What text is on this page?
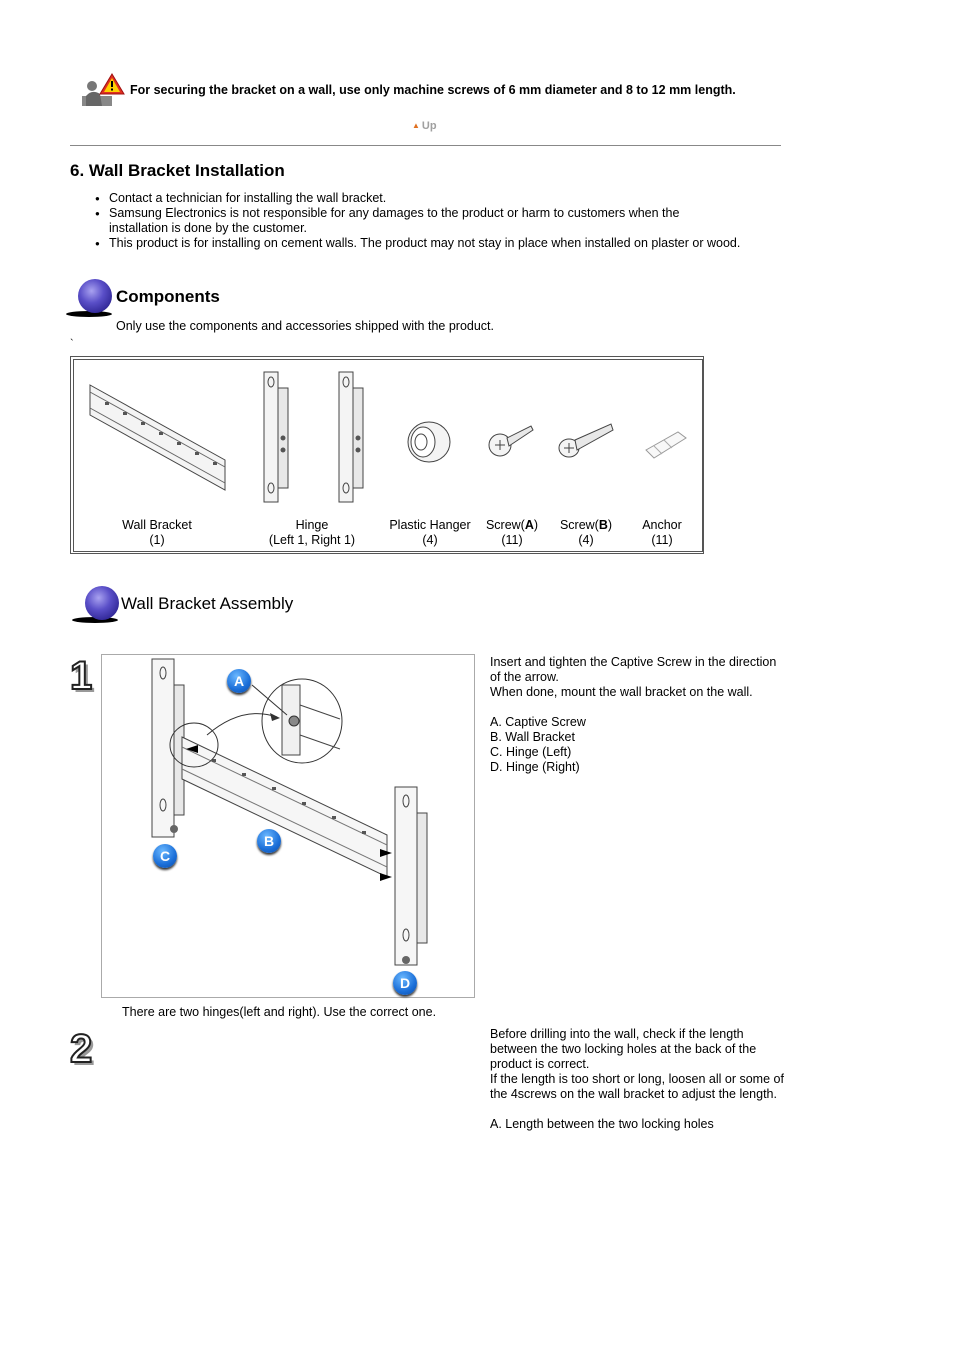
For securing the bracket on a wall, use only machine screws of 6 mm diameter and 8 to 12 mm length.
▲ Up
6. Wall Bracket Installation
● Contact a technician for installing the wall bracket.
● Samsung Electronics is not responsible for any damages to the product or harm to customers when the installation is done by the customer.
● This product is for installing on cement walls. The product may not stay in place when installed on plaster or wood.
Components
Only use the components and accessories shipped with the product.
`
Wall Bracket
(1)
Hinge
(Left 1, Right 1)
Plastic Hanger
(4)
Screw(A)
(11)
Screw(B)
(4)
Anchor
(11)
Wall Bracket Assembly
1	A
B
C
D
There are two hinges(left and right). Use the correct one.
Insert and tighten the Captive Screw in the direction of the arrow.
When done, mount the wall bracket on the wall.
A. Captive Screw
B. Wall Bracket
C. Hinge (Left)
D. Hinge (Right)
2	Before drilling into the wall, check if the length between the two locking holes at the back of the product is correct.
If the length is too short or long, loosen all or some of the 4screws on the wall bracket to adjust the length.
A. Length between the two locking holes
